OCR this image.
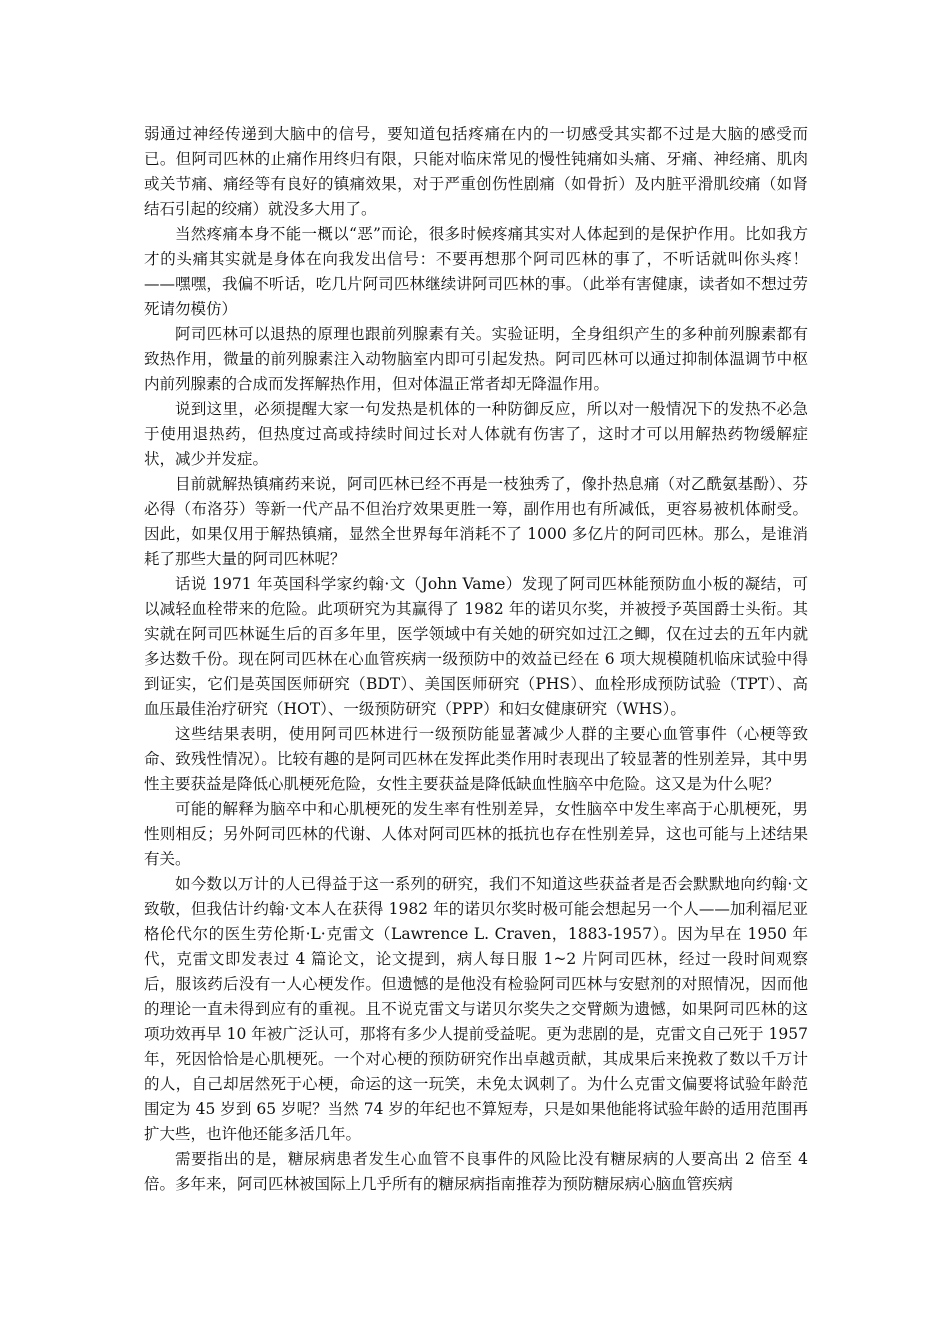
弱通过神经传递到大脑中的信号，要知道包括疼痛在内的一切感受其实都不过是大脑的感受而已。但阿司匹林的止痛作用终归有限，只能对临床常见的慢性钝痛如头痛、牙痛、神经痛、肌肉或关节痛、痛经等有良好的镇痛效果，对于严重创伤性剧痛（如骨折）及内脏平滑肌绞痛（如肾结石引起的绞痛）就没多大用了。

当然疼痛本身不能一概以“恶”而论，很多时候疼痛其实对人体起到的是保护作用。比如我方才的头痛其实就是身体在向我发出信号：不要再想那个阿司匹林的事了，不听话就叫你头疼！——嘿嘿，我偏不听话，吃几片阿司匹林继续讲阿司匹林的事。（此举有害健康，读者如不想过劳死请勿模仿）

阿司匹林可以退热的原理也跟前列腺素有关。实验证明，全身组织产生的多种前列腺素都有致热作用，微量的前列腺素注入动物脑室内即可引起发热。阿司匹林可以通过抑制体温调节中枢内前列腺素的合成而发挥解热作用，但对体温正常者却无降温作用。

说到这里，必须提醒大家一句发热是机体的一种防御反应，所以对一般情况下的发热不必急于使用退热药，但热度过高或持续时间过长对人体就有伤害了，这时才可以用解热药物缓解症状，减少并发症。

目前就解热镇痛药来说，阿司匹林已经不再是一枝独秀了，像扑热息痛（对乙酰氨基酚）、芬必得（布洛芬）等新一代产品不但治疗效果更胜一筹，副作用也有所减低，更容易被机体耐受。因此，如果仅用于解热镇痛，显然全世界每年消耗不了 1000 多亿片的阿司匹林。那么，是谁消耗了那些大量的阿司匹林呢？

话说 1971 年英国科学家约翰·文（John Vame）发现了阿司匹林能预防血小板的凝结，可以减轻血栓带来的危险。此项研究为其赢得了 1982 年的诺贝尔奖，并被授予英国爵士头衔。其实就在阿司匹林诞生后的百多年里，医学领域中有关她的研究如过江之鲫，仅在过去的五年内就多达数千份。现在阿司匹林在心血管疾病一级预防中的效益已经在 6 项大规模随机临床试验中得到证实，它们是英国医师研究（BDT）、美国医师研究（PHS）、血栓形成预防试验（TPT）、高血压最佳治疗研究（HOT）、一级预防研究（PPP）和妇女健康研究（WHS）。

这些结果表明，使用阿司匹林进行一级预防能显著减少人群的主要心血管事件（心梗等致命、致残性情况）。比较有趣的是阿司匹林在发挥此类作用时表现出了较显著的性别差异，其中男性主要获益是降低心肌梗死危险，女性主要获益是降低缺血性脑卒中危险。这又是为什么呢？

可能的解释为脑卒中和心肌梗死的发生率有性别差异，女性脑卒中发生率高于心肌梗死，男性则相反；另外阿司匹林的代谢、人体对阿司匹林的抵抗也存在性别差异，这也可能与上述结果有关。

如今数以万计的人已得益于这一系列的研究，我们不知道这些获益者是否会默默地向约翰·文致敬，但我估计约翰·文本人在获得 1982 年的诺贝尔奖时极可能会想起另一个人——加利福尼亚格伦代尔的医生劳伦斯·L·克雷文（Lawrence L. Craven，1883-1957）。因为早在 1950 年代，克雷文即发表过 4 篇论文，论文提到，病人每日服 1~2 片阿司匹林，经过一段时间观察后，服该药后没有一人心梗发作。但遗憾的是他没有检验阿司匹林与安慰剂的对照情况，因而他的理论一直未得到应有的重视。且不说克雷文与诺贝尔奖失之交臂颇为遗憾，如果阿司匹林的这项功效再早 10 年被广泛认可，那将有多少人提前受益呢。更为悲剧的是，克雷文自己死于 1957 年，死因恰恰是心肌梗死。一个对心梗的预防研究作出卓越贡献，其成果后来挽救了数以千万计的人，自己却居然死于心梗，命运的这一玩笑，未免太讽刺了。为什么克雷文偏要将试验年龄范围定为 45 岁到 65 岁呢？当然 74 岁的年纪也不算短寿，只是如果他能将试验年龄的适用范围再扩大些，也许他还能多活几年。

需要指出的是，糖尿病患者发生心血管不良事件的风险比没有糖尿病的人要高出 2 倍至 4 倍。多年来，阿司匹林被国际上几乎所有的糖尿病指南推荐为预防糖尿病心脑血管疾病
